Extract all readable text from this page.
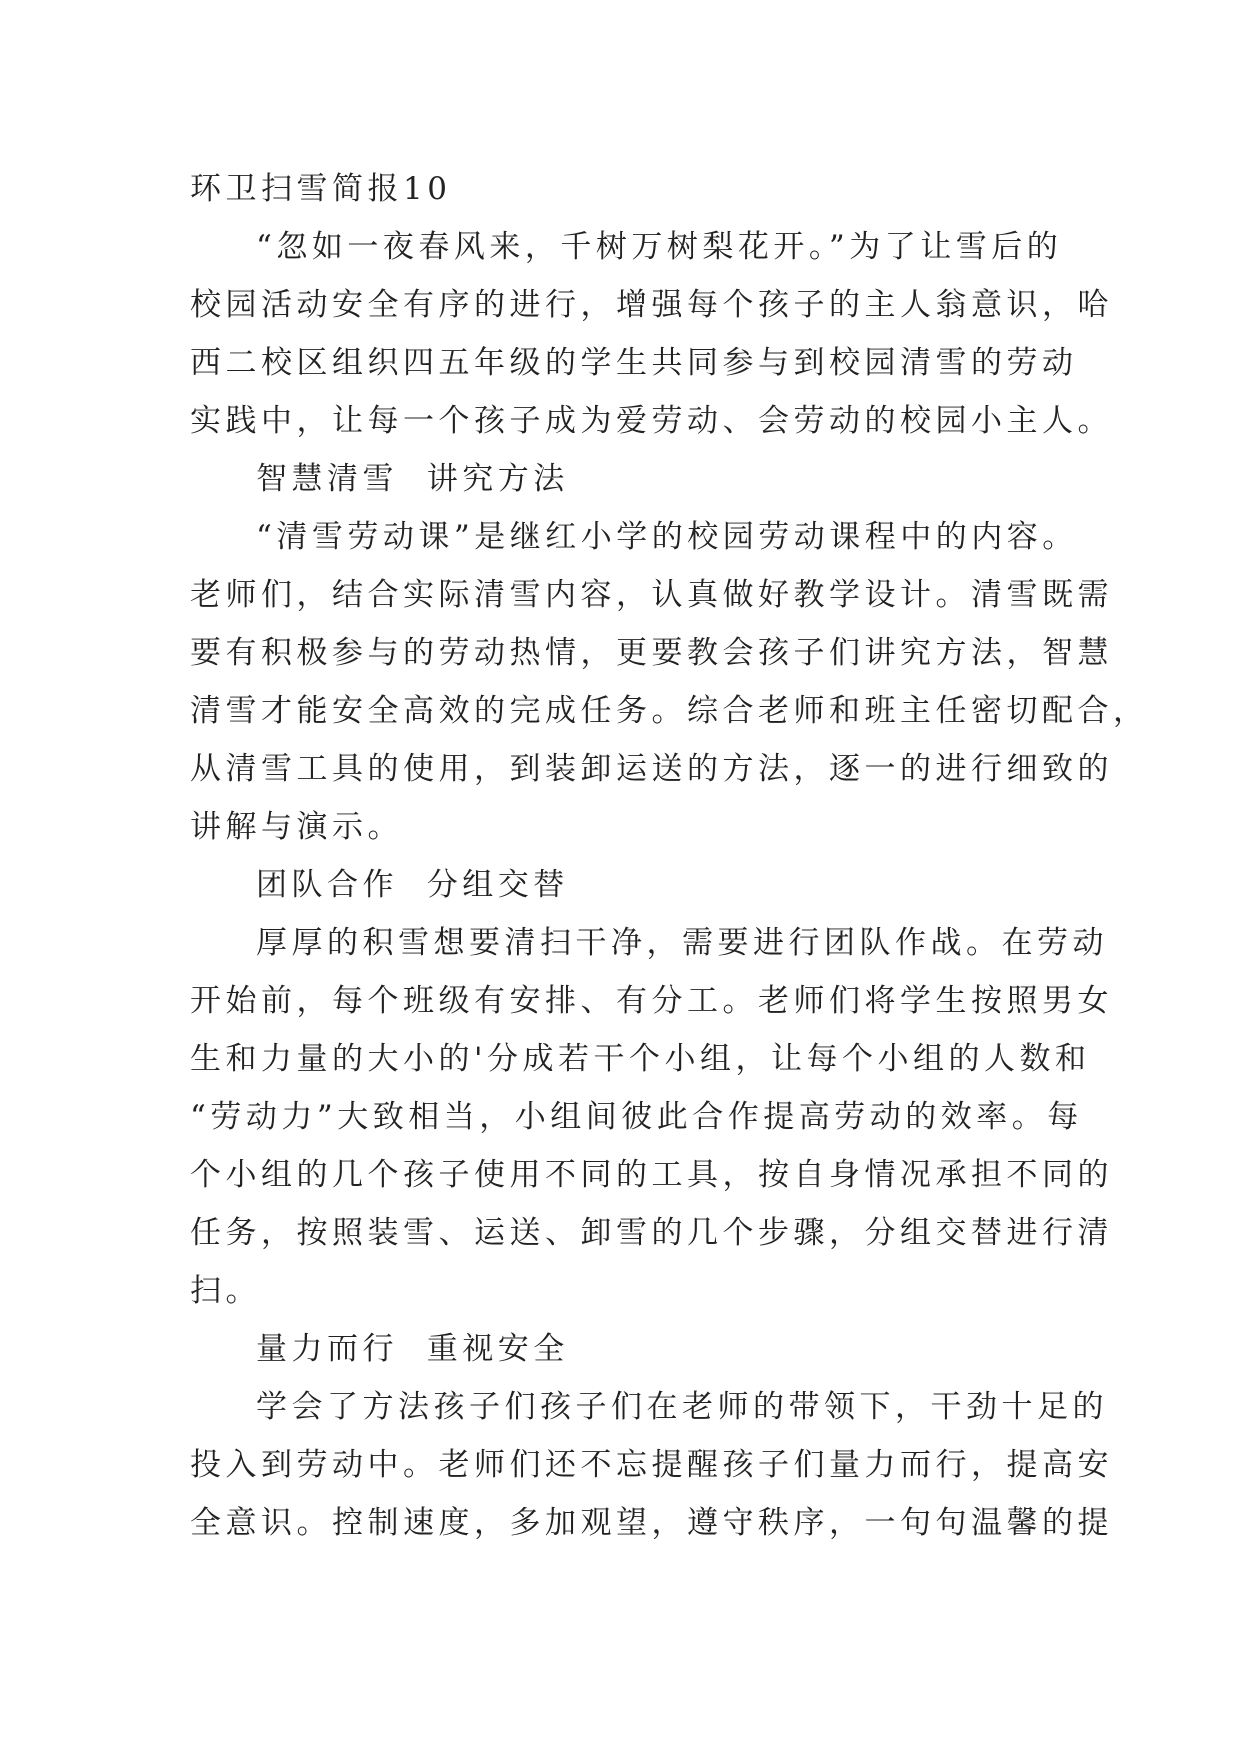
环卫扫雪简报10

“忽如一夜春风来，千树万树梨花开。”为了让雪后的

校园活动安全有序的进行，增强每个孩子的主人翁意识，哈

西二校区组织四五年级的学生共同参与到校园清雪的劳动

实践中，让每一个孩子成为爱劳动、会劳动的校园小主人。

智慧清雪  讲究方法

“清雪劳动课”是继红小学的校园劳动课程中的内容。

老师们，结合实际清雪内容，认真做好教学设计。清雪既需

要有积极参与的劳动热情，更要教会孩子们讲究方法，智慧

清雪才能安全高效的完成任务。综合老师和班主任密切配合，

从清雪工具的使用，到装卸运送的方法，逐一的进行细致的

讲解与演示。

团队合作  分组交替

厚厚的积雪想要清扫干净，需要进行团队作战。在劳动

开始前，每个班级有安排、有分工。老师们将学生按照男女

生和力量的大小的'分成若干个小组，让每个小组的人数和

“劳动力”大致相当，小组间彼此合作提高劳动的效率。每

个小组的几个孩子使用不同的工具，按自身情况承担不同的

任务，按照装雪、运送、卸雪的几个步骤，分组交替进行清

扫。

量力而行  重视安全

学会了方法孩子们孩子们在老师的带领下，干劲十足的

投入到劳动中。老师们还不忘提醒孩子们量力而行，提高安

全意识。控制速度，多加观望，遵守秩序，一句句温馨的提
